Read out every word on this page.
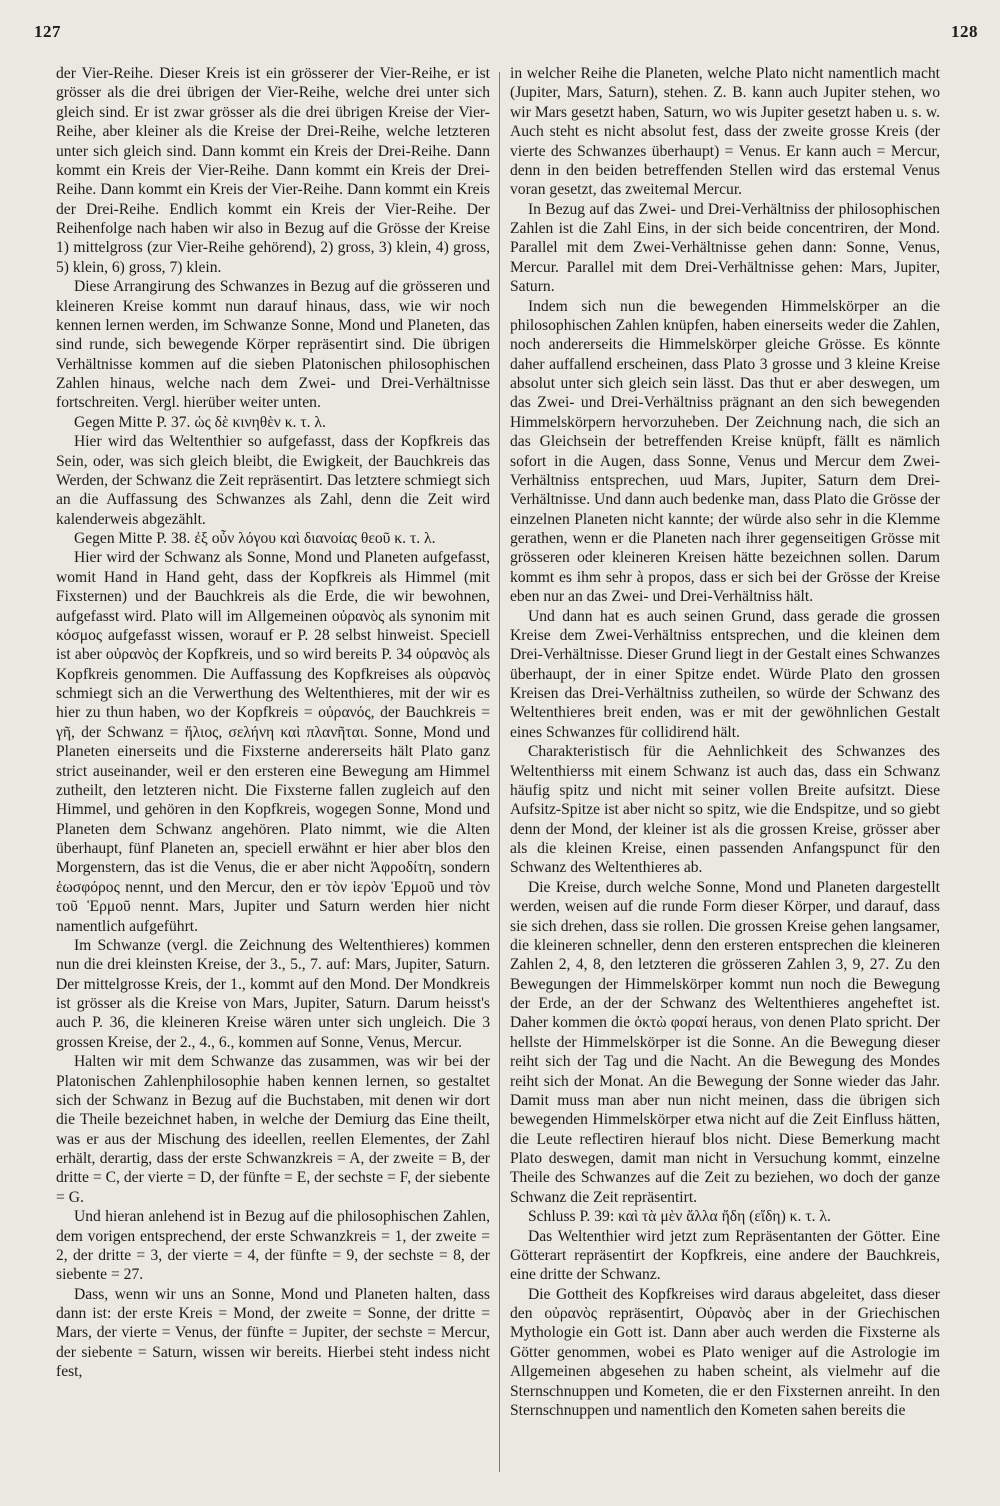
127	128

der Vier-Reihe. Dieser Kreis ist ein grösserer der Vier-Reihe, er ist grösser als die drei übrigen der Vier-Reihe, welche drei unter sich gleich sind. Er ist zwar grösser als die drei übrigen Kreise der Vier-Reihe, aber kleiner als die Kreise der Drei-Reihe, welche letzteren unter sich gleich sind. Dann kommt ein Kreis der Drei-Reihe. Dann kommt ein Kreis der Vier-Reihe. Dann kommt ein Kreis der Drei-Reihe. Dann kommt ein Kreis der Vier-Reihe. Dann kommt ein Kreis der Drei-Reihe. Endlich kommt ein Kreis der Vier-Reihe. Der Reihenfolge nach haben wir also in Bezug auf die Grösse der Kreise 1) mittelgross (zur Vier-Reihe gehörend), 2) gross, 3) klein, 4) gross, 5) klein, 6) gross, 7) klein.

Diese Arrangirung des Schwanzes in Bezug auf die grösseren und kleineren Kreise kommt nun darauf hinaus, dass, wie wir noch kennen lernen werden, im Schwanze Sonne, Mond und Planeten, das sind runde, sich bewegende Körper repräsentirt sind. Die übrigen Verhältnisse kommen auf die sieben Platonischen philosophischen Zahlen hinaus, welche nach dem Zwei- und Drei-Verhältnisse fortschreiten. Vergl. hierüber weiter unten.

Gegen Mitte P. 37. ὡς δὲ κινηθὲν κ. τ. λ.

Hier wird das Weltenthier so aufgefasst, dass der Kopfkreis das Sein, oder, was sich gleich bleibt, die Ewigkeit, der Bauchkreis das Werden, der Schwanz die Zeit repräsentirt. Das letztere schmiegt sich an die Auffassung des Schwanzes als Zahl, denn die Zeit wird kalenderweis abgezählt.

Gegen Mitte P. 38. ἐξ οὖν λόγου καὶ διανοίας θεοῦ κ. τ. λ.

Hier wird der Schwanz als Sonne, Mond und Planeten aufgefasst, womit Hand in Hand geht, dass der Kopfkreis als Himmel (mit Fixsternen) und der Bauchkreis als die Erde, die wir bewohnen, aufgefasst wird. Plato will im Allgemeinen οὐρανὸς als synonim mit κόσμος aufgefasst wissen, worauf er P. 28 selbst hinweist. Speciell ist aber οὐρανὸς der Kopfkreis, und so wird bereits P. 34 οὐρανὸς als Kopfkreis genommen. Die Auffassung des Kopfkreises als οὐρανὸς schmiegt sich an die Verwerthung des Weltenthieres, mit der wir es hier zu thun haben, wo der Kopfkreis = οὐρανός, der Bauchkreis = γῆ, der Schwanz = ἥλιος, σελήνη καὶ πλανῆται. Sonne, Mond und Planeten einerseits und die Fixsterne andererseits hält Plato ganz strict auseinander, weil er den ersteren eine Bewegung am Himmel zutheilt, den letzteren nicht. Die Fixsterne fallen zugleich auf den Himmel, und gehören in den Kopfkreis, wogegen Sonne, Mond und Planeten dem Schwanz angehören. Plato nimmt, wie die Alten überhaupt, fünf Planeten an, speciell erwähnt er hier aber blos den Morgenstern, das ist die Venus, die er aber nicht Ἀφροδίτη, sondern ἑωσφόρος nennt, und den Mercur, den er τὸν ἱερὸν Ἑρμοῦ und τὸν τοῦ Ἑρμοῦ nennt. Mars, Jupiter und Saturn werden hier nicht namentlich aufgeführt.

Im Schwanze (vergl. die Zeichnung des Weltenthieres) kommen nun die drei kleinsten Kreise, der 3., 5., 7. auf: Mars, Jupiter, Saturn. Der mittelgrosse Kreis, der 1., kommt auf den Mond. Der Mondkreis ist grösser als die Kreise von Mars, Jupiter, Saturn. Darum heisst's auch P. 36, die kleineren Kreise wären unter sich ungleich. Die 3 grossen Kreise, der 2., 4., 6., kommen auf Sonne, Venus, Mercur.

Halten wir mit dem Schwanze das zusammen, was wir bei der Platonischen Zahlenphilosophie haben kennen lernen, so gestaltet sich der Schwanz in Bezug auf die Buchstaben, mit denen wir dort die Theile bezeichnet haben, in welche der Demiurg das Eine theilt, was er aus der Mischung des ideellen, reellen Elementes, der Zahl erhält, derartig, dass der erste Schwanzkreis = A, der zweite = B, der dritte = C, der vierte = D, der fünfte = E, der sechste = F, der siebente = G.

Und hieran anlehend ist in Bezug auf die philosophischen Zahlen, dem vorigen entsprechend, der erste Schwanzkreis = 1, der zweite = 2, der dritte = 3, der vierte = 4, der fünfte = 9, der sechste = 8, der siebente = 27.

Dass, wenn wir uns an Sonne, Mond und Planeten halten, dass dann ist: der erste Kreis = Mond, der zweite = Sonne, der dritte = Mars, der vierte = Venus, der fünfte = Jupiter, der sechste = Mercur, der siebente = Saturn, wissen wir bereits. Hierbei steht indess nicht fest,

in welcher Reihe die Planeten, welche Plato nicht namentlich macht (Jupiter, Mars, Saturn), stehen. Z. B. kann auch Jupiter stehen, wo wir Mars gesetzt haben, Saturn, wo wis Jupiter gesetzt haben u. s. w. Auch steht es nicht absolut fest, dass der zweite grosse Kreis (der vierte des Schwanzes überhaupt) = Venus. Er kann auch = Mercur, denn in den beiden betreffenden Stellen wird das erstemal Venus voran gesetzt, das zweitemal Mercur.

In Bezug auf das Zwei- und Drei-Verhältniss der philosophischen Zahlen ist die Zahl Eins, in der sich beide concentriren, der Mond. Parallel mit dem Zwei-Verhältnisse gehen dann: Sonne, Venus, Mercur. Parallel mit dem Drei-Verhältnisse gehen: Mars, Jupiter, Saturn.

Indem sich nun die bewegenden Himmelskörper an die philosophischen Zahlen knüpfen, haben einerseits weder die Zahlen, noch andererseits die Himmelskörper gleiche Grösse. Es könnte daher auffallend erscheinen, dass Plato 3 grosse und 3 kleine Kreise absolut unter sich gleich sein lässt. Das thut er aber deswegen, um das Zwei- und Drei-Verhältniss prägnant an den sich bewegenden Himmelskörpern hervorzuheben. Der Zeichnung nach, die sich an das Gleichsein der betreffenden Kreise knüpft, fällt es nämlich sofort in die Augen, dass Sonne, Venus und Mercur dem Zwei-Verhältniss entsprechen, uud Mars, Jupiter, Saturn dem Drei-Verhältnisse. Und dann auch bedenke man, dass Plato die Grösse der einzelnen Planeten nicht kannte; der würde also sehr in die Klemme gerathen, wenn er die Planeten nach ihrer gegenseitigen Grösse mit grösseren oder kleineren Kreisen hätte bezeichnen sollen. Darum kommt es ihm sehr à propos, dass er sich bei der Grösse der Kreise eben nur an das Zwei- und Drei-Verhältniss hält.

Und dann hat es auch seinen Grund, dass gerade die grossen Kreise dem Zwei-Verhältniss entsprechen, und die kleinen dem Drei-Verhältnisse. Dieser Grund liegt in der Gestalt eines Schwanzes überhaupt, der in einer Spitze endet. Würde Plato den grossen Kreisen das Drei-Verhältniss zutheilen, so würde der Schwanz des Weltenthieres breit enden, was er mit der gewöhnlichen Gestalt eines Schwanzes für collidirend hält.

Charakteristisch für die Aehnlichkeit des Schwanzes des Weltenthierss mit einem Schwanz ist auch das, dass ein Schwanz häufig spitz und nicht mit seiner vollen Breite aufsitzt. Diese Aufsitz-Spitze ist aber nicht so spitz, wie die Endspitze, und so giebt denn der Mond, der kleiner ist als die grossen Kreise, grösser aber als die kleinen Kreise, einen passenden Anfangspunct für den Schwanz des Weltenthieres ab.

Die Kreise, durch welche Sonne, Mond und Planeten dargestellt werden, weisen auf die runde Form dieser Körper, und darauf, dass sie sich drehen, dass sie rollen. Die grossen Kreise gehen langsamer, die kleineren schneller, denn den ersteren entsprechen die kleineren Zahlen 2, 4, 8, den letzteren die grösseren Zahlen 3, 9, 27. Zu den Bewegungen der Himmelskörper kommt nun noch die Bewegung der Erde, an der der Schwanz des Weltenthieres angeheftet ist. Daher kommen die ὀκτὼ φοραί heraus, von denen Plato spricht. Der hellste der Himmelskörper ist die Sonne. An die Bewegung dieser reiht sich der Tag und die Nacht. An die Bewegung des Mondes reiht sich der Monat. An die Bewegung der Sonne wieder das Jahr. Damit muss man aber nun nicht meinen, dass die übrigen sich bewegenden Himmelskörper etwa nicht auf die Zeit Einfluss hätten, die Leute reflectiren hierauf blos nicht. Diese Bemerkung macht Plato deswegen, damit man nicht in Versuchung kommt, einzelne Theile des Schwanzes auf die Zeit zu beziehen, wo doch der ganze Schwanz die Zeit repräsentirt.

Schluss P. 39: καὶ τὰ μὲν ἄλλα ἤδη (εἴδη) κ. τ. λ.

Das Weltenthier wird jetzt zum Repräsentanten der Götter. Eine Götterart repräsentirt der Kopfkreis, eine andere der Bauchkreis, eine dritte der Schwanz.

Die Gottheit des Kopfkreises wird daraus abgeleitet, dass dieser den οὐρανὸς repräsentirt, Οὐρανὸς aber in der Griechischen Mythologie ein Gott ist. Dann aber auch werden die Fixsterne als Götter genommen, wobei es Plato weniger auf die Astrologie im Allgemeinen abgesehen zu haben scheint, als vielmehr auf die Sternschnuppen und Kometen, die er den Fixsternen anreiht. In den Sternschnuppen und namentlich den Kometen sahen bereits die
